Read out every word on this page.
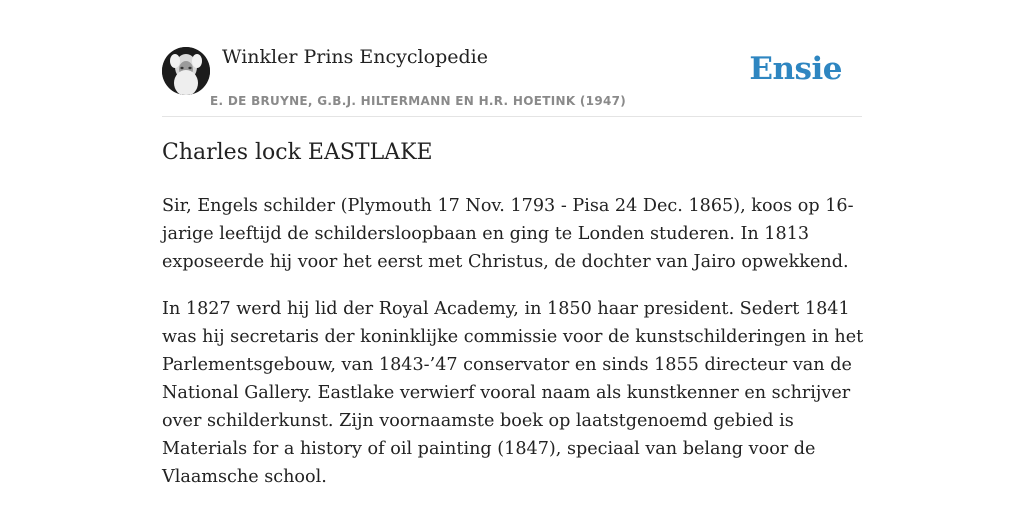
Winkler Prins Encyclopedie
E. DE BRUYNE, G.B.J. HILTERMANN EN H.R. HOETINK (1947)
Ensie
Charles lock EASTLAKE

Sir, Engels schilder (Plymouth 17 Nov. 1793 - Pisa 24 Dec. 1865), koos op 16-jarige leeftijd de schildersloopbaan en ging te Londen studeren. In 1813 exposeerde hij voor het eerst met Christus, de dochter van Jairo opwekkend.

In 1827 werd hij lid der Royal Academy, in 1850 haar president. Sedert 1841 was hij secretaris der koninklijke commissie voor de kunstschilderingen in het Parlementsgebouw, van 1843-’47 conservator en sinds 1855 directeur van de National Gallery. Eastlake verwierf vooral naam als kunstkenner en schrijver over schilderkunst. Zijn voornaamste boek op laatstgenoemd gebied is Materials for a history of oil painting (1847), speciaal van belang voor de Vlaamsche school.
